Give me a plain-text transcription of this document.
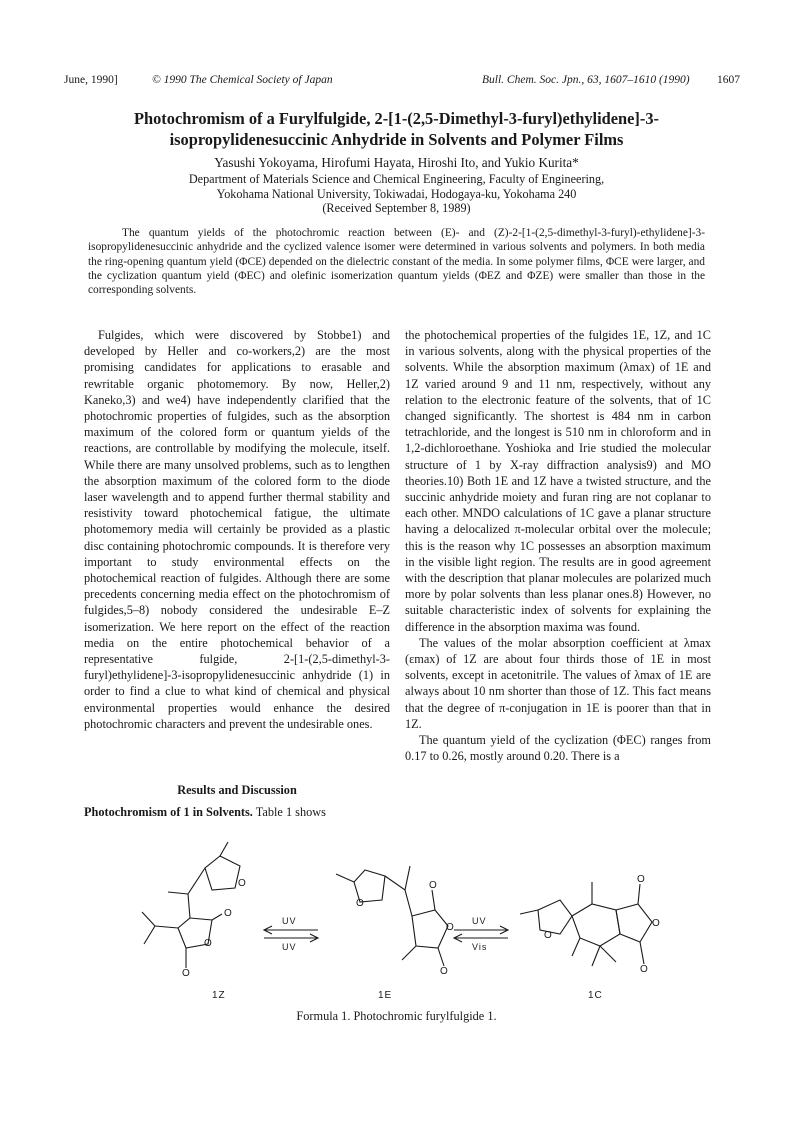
June, 1990]	© 1990 The Chemical Society of Japan	Bull. Chem. Soc. Jpn., 63, 1607–1610 (1990) 1607
Photochromism of a Furylfulgide, 2-[1-(2,5-Dimethyl-3-furyl)ethylidene]-3-isopropylidenesuccinic Anhydride in Solvents and Polymer Films
Yasushi Yokoyama, Hirofumi Hayata, Hiroshi Ito, and Yukio Kurita*
Department of Materials Science and Chemical Engineering, Faculty of Engineering,
Yokohama National University, Tokiwadai, Hodogaya-ku, Yokohama 240
(Received September 8, 1989)
The quantum yields of the photochromic reaction between (E)- and (Z)-2-[1-(2,5-dimethyl-3-furyl)-ethylidene]-3-isopropylidenesuccinic anhydride and the cyclized valence isomer were determined in various solvents and polymers. In both media the ring-opening quantum yield (ΦCE) depended on the dielectric constant of the media. In some polymer films, ΦCE were larger, and the cyclization quantum yield (ΦEC) and olefinic isomerization quantum yields (ΦEZ and ΦZE) were smaller than those in the corresponding solvents.

Fulgides, which were discovered by Stobbe1) and developed by Heller and co-workers,2) are the most promising candidates for applications to erasable and rewritable organic photomemory. By now, Heller,2) Kaneko,3) and we4) have independently clarified that the photochromic properties of fulgides, such as the absorption maximum of the colored form or quantum yields of the reactions, are controllable by modifying the molecule, itself. While there are many unsolved problems, such as to lengthen the absorption maximum of the colored form to the diode laser wavelength and to append further thermal stability and resistivity toward photochemical fatigue, the ultimate photomemory media will certainly be provided as a plastic disc containing photochromic compounds. It is therefore very important to study environmental effects on the photochemical reaction of fulgides. Although there are some precedents concerning media effect on the photochromism of fulgides,5–8) nobody considered the undesirable E–Z isomerization. We here report on the effect of the reaction media on the entire photochemical behavior of a representative fulgide, 2-[1-(2,5-dimethyl-3-furyl)ethylidene]-3-isopropylidenesuccinic anhydride (1) in order to find a clue to what kind of chemical and physical environmental properties would enhance the desired photochromic characters and prevent the undesirable ones.

Results and Discussion
Photochromism of 1 in Solvents. Table 1 shows

the photochemical properties of the fulgides 1E, 1Z, and 1C in various solvents, along with the physical properties of the solvents. While the absorption maximum (λmax) of 1E and 1Z varied around 9 and 11 nm, respectively, without any relation to the electronic feature of the solvents, that of 1C changed significantly. The shortest is 484 nm in carbon tetrachloride, and the longest is 510 nm in chloroform and in 1,2-dichloroethane. Yoshioka and Irie studied the molecular structure of 1 by X-ray diffraction analysis9) and MO theories.10) Both 1E and 1Z have a twisted structure, and the succinic anhydride moiety and furan ring are not coplanar to each other. MNDO calculations of 1C gave a planar structure having a delocalized π-molecular orbital over the molecule; this is the reason why 1C possesses an absorption maximum in the visible light region. The results are in good agreement with the description that planar molecules are polarized much more by polar solvents than less planar ones.8) However, no suitable characteristic index of solvents for explaining the difference in the absorption maxima was found.

The values of the molar absorption coefficient at λmax (εmax) of 1Z are about four thirds those of 1E in most solvents, except in acetonitrile. The values of λmax of 1E are always about 10 nm shorter than those of 1Z. This fact means that the degree of π-conjugation in 1E is poorer than that in 1Z.

The quantum yield of the cyclization (ΦEC) ranges from 0.17 to 0.26, mostly around 0.20. There is a

O
O
O
O
O
O
O
O
O
O
O
O
UV
UV
UV
Vis
1Z	1E	1C
Formula 1. Photochromic furylfulgide 1.
